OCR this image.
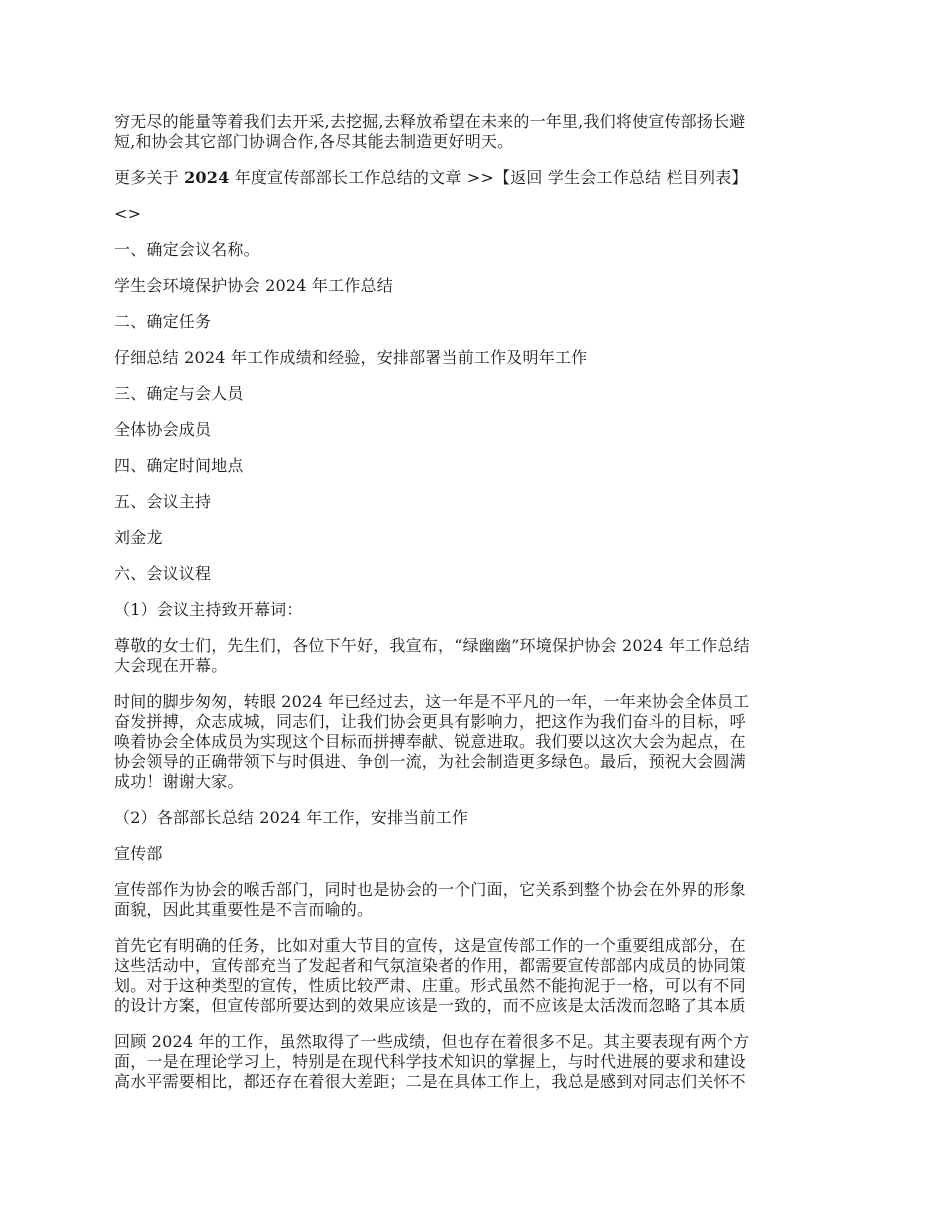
穷无尽的能量等着我们去开采,去挖掘,去释放希望在未来的一年里,我们将使宣传部扬长避
短,和协会其它部门协调合作,各尽其能去制造更好明天。

更多关于 2024 年度宣传部部长工作总结的文章 >>【返回 学生会工作总结 栏目列表】

<>

一、确定会议名称。

学生会环境保护协会 2024 年工作总结

二、确定任务

仔细总结 2024 年工作成绩和经验，安排部署当前工作及明年工作

三、确定与会人员

全体协会成员

四、确定时间地点

五、会议主持

刘金龙

六、会议议程

（1）会议主持致开幕词：

尊敬的女士们，先生们，各位下午好，我宣布，“绿幽幽”环境保护协会 2024 年工作总结
大会现在开幕。

时间的脚步匆匆，转眼 2024 年已经过去，这一年是不平凡的一年，一年来协会全体员工
奋发拼搏，众志成城，同志们，让我们协会更具有影响力，把这作为我们奋斗的目标，呼
唤着协会全体成员为实现这个目标而拼搏奉献、锐意进取。我们要以这次大会为起点，在
协会领导的正确带领下与时俱进、争创一流，为社会制造更多绿色。最后，预祝大会圆满
成功！谢谢大家。

（2）各部部长总结 2024 年工作，安排当前工作

宣传部

宣传部作为协会的喉舌部门，同时也是协会的一个门面，它关系到整个协会在外界的形象
面貌，因此其重要性是不言而喻的。

首先它有明确的任务，比如对重大节目的宣传，这是宣传部工作的一个重要组成部分，在
这些活动中，宣传部充当了发起者和气氛渲染者的作用，都需要宣传部部内成员的协同策
划。对于这种类型的宣传，性质比较严肃、庄重。形式虽然不能拘泥于一格，可以有不同
的设计方案，但宣传部所要达到的效果应该是一致的，而不应该是太活泼而忽略了其本质

回顾 2024 年的工作，虽然取得了一些成绩，但也存在着很多不足。其主要表现有两个方
面，一是在理论学习上，特别是在现代科学技术知识的掌握上，与时代进展的要求和建设
高水平需要相比，都还存在着很大差距；二是在具体工作上，我总是感到对同志们关怀不
